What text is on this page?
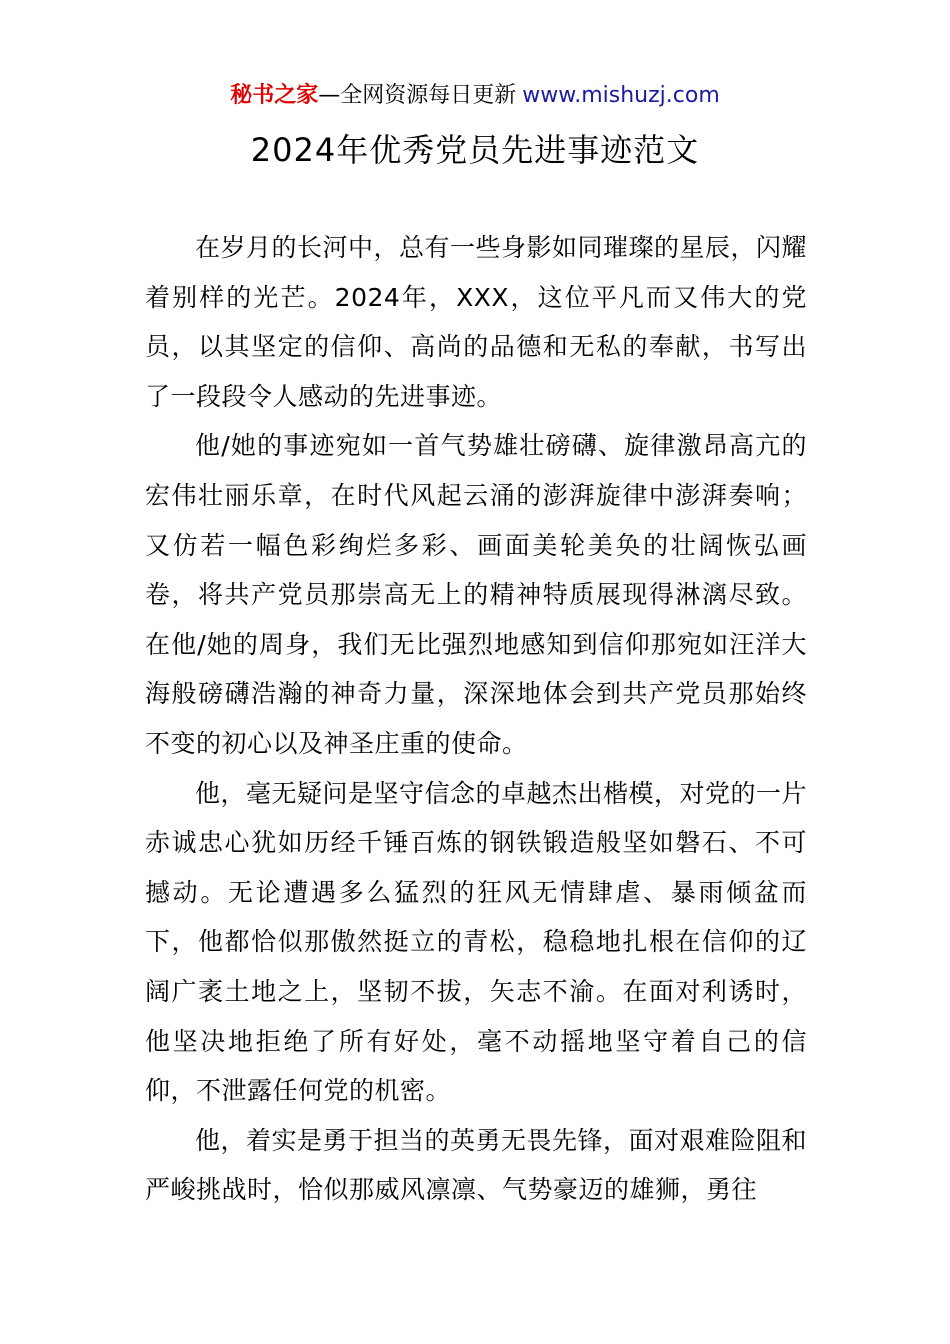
秘书之家—全网资源每日更新 www.mishuzj.com
2024年优秀党员先进事迹范文

在岁月的长河中，总有一些身影如同璀璨的星辰，闪耀着别样的光芒。2024年，XXX，这位平凡而又伟大的党员，以其坚定的信仰、高尚的品德和无私的奉献，书写出了一段段令人感动的先进事迹。

他/她的事迹宛如一首气势雄壮磅礴、旋律激昂高亢的宏伟壮丽乐章，在时代风起云涌的澎湃旋律中澎湃奏响；又仿若一幅色彩绚烂多彩、画面美轮美奂的壮阔恢弘画卷，将共产党员那崇高无上的精神特质展现得淋漓尽致。在他/她的周身，我们无比强烈地感知到信仰那宛如汪洋大海般磅礴浩瀚的神奇力量，深深地体会到共产党员那始终不变的初心以及神圣庄重的使命。

他，毫无疑问是坚守信念的卓越杰出楷模，对党的一片赤诚忠心犹如历经千锤百炼的钢铁锻造般坚如磐石、不可撼动。无论遭遇多么猛烈的狂风无情肆虐、暴雨倾盆而下，他都恰似那傲然挺立的青松，稳稳地扎根在信仰的辽阔广袤土地之上，坚韧不拔，矢志不渝。在面对利诱时，他坚决地拒绝了所有好处，毫不动摇地坚守着自己的信仰，不泄露任何党的机密。

他，着实是勇于担当的英勇无畏先锋，面对艰难险阻和严峻挑战时，恰似那威风凛凛、气势豪迈的雄狮，勇往
